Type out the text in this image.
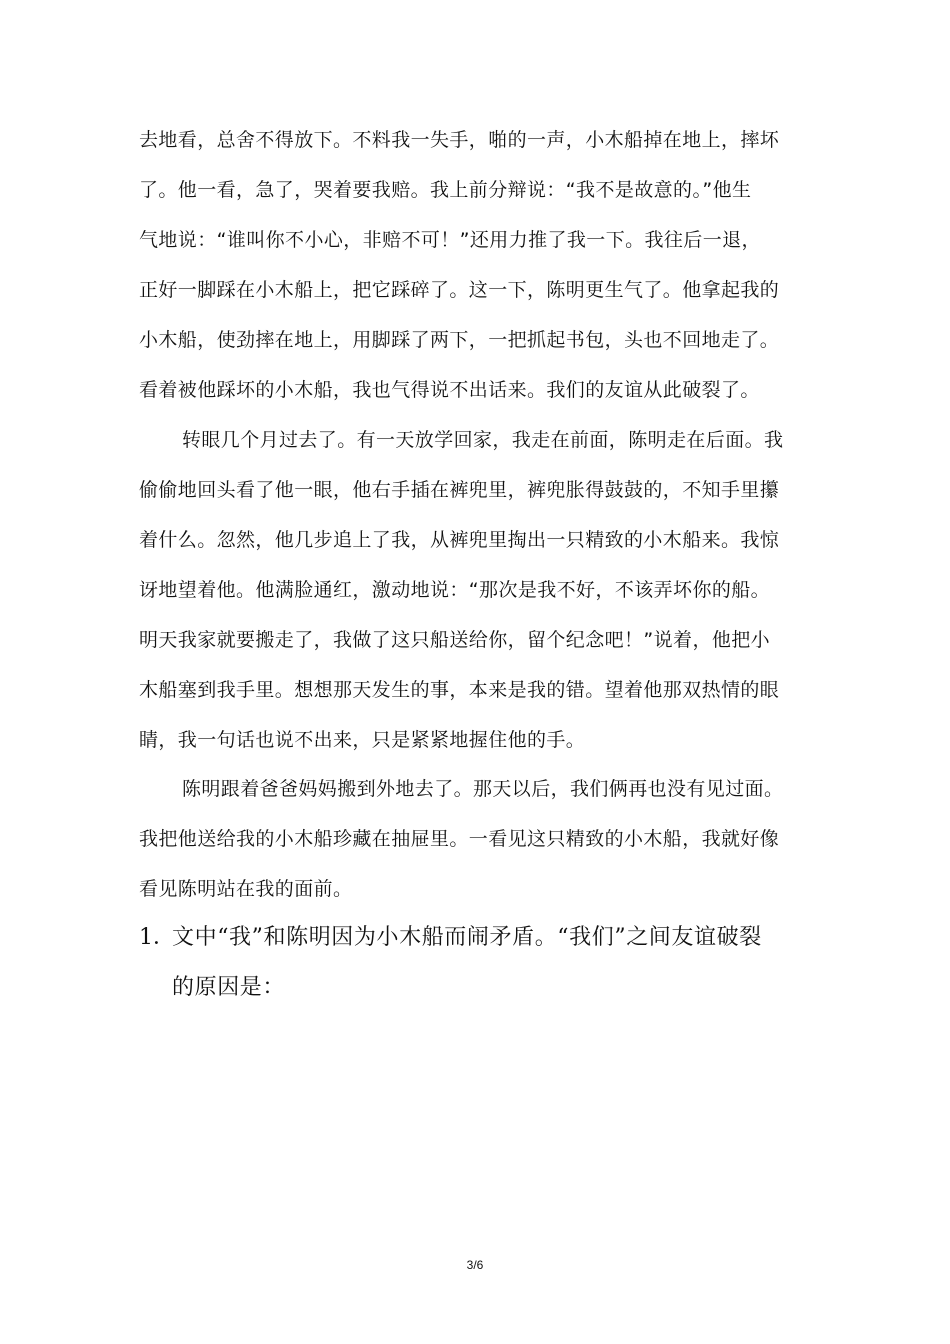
去地看，总舍不得放下。不料我一失手，啪的一声，小木船掉在地上，摔坏
了。他一看，急了，哭着要我赔。我上前分辩说：“我不是故意的。”他生
气地说：“谁叫你不小心，非赔不可！”还用力推了我一下。我往后一退，
正好一脚踩在小木船上，把它踩碎了。这一下，陈明更生气了。他拿起我的
小木船，使劲摔在地上，用脚踩了两下，一把抓起书包，头也不回地走了。
看着被他踩坏的小木船，我也气得说不出话来。我们的友谊从此破裂了。
转眼几个月过去了。有一天放学回家，我走在前面，陈明走在后面。我
偷偷地回头看了他一眼，他右手插在裤兜里，裤兜胀得鼓鼓的，不知手里攥
着什么。忽然，他几步追上了我，从裤兜里掏出一只精致的小木船来。我惊
讶地望着他。他满脸通红，激动地说：“那次是我不好，不该弄坏你的船。
明天我家就要搬走了，我做了这只船送给你，留个纪念吧！”说着，他把小
木船塞到我手里。想想那天发生的事，本来是我的错。望着他那双热情的眼
睛，我一句话也说不出来，只是紧紧地握住他的手。
陈明跟着爸爸妈妈搬到外地去了。那天以后，我们俩再也没有见过面。
我把他送给我的小木船珍藏在抽屉里。一看见这只精致的小木船，我就好像
看见陈明站在我的面前。
1．
文中“我”和陈明因为小木船而闹矛盾。“我们”之间友谊破裂
的原因是：
3/6
